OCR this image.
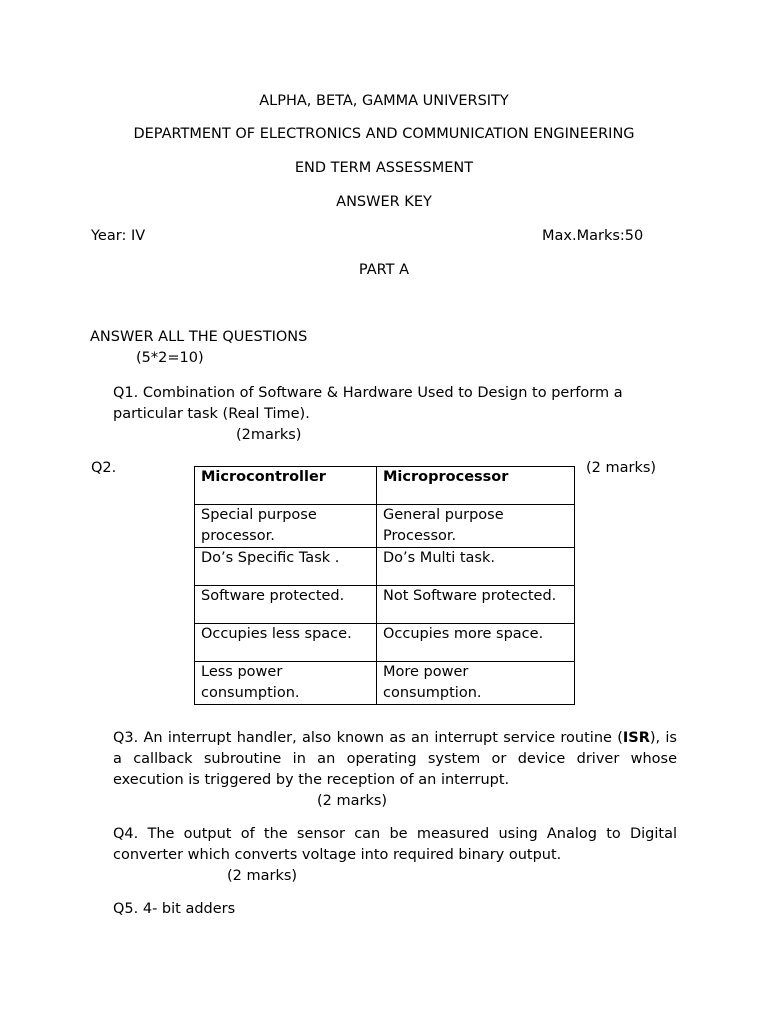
ALPHA, BETA, GAMMA UNIVERSITY
DEPARTMENT OF ELECTRONICS AND COMMUNICATION ENGINEERING
END TERM ASSESSMENT
ANSWER KEY
Year: IV	Max.Marks:50
PART A
ANSWER ALL THE QUESTIONS
(5*2=10)
Q1. Combination of Software & Hardware Used to Design to perform a particular task (Real Time).
(2marks)
Q2.	(2 marks)
Microcontroller	Microprocessor
Special purpose processor.	General purpose Processor.
Do’s Specific Task .	Do’s Multi task.
Software protected.	Not Software protected.
Occupies less space.	Occupies more space.
Less power consumption.	More power consumption.
Q3. An interrupt handler, also known as an interrupt service routine (ISR), is a callback subroutine in an operating system or device driver whose execution is triggered by the reception of an interrupt.
(2 marks)
Q4. The output of the sensor can be measured using Analog to Digital converter which converts voltage into required binary output.
(2 marks)
Q5. 4- bit adders
